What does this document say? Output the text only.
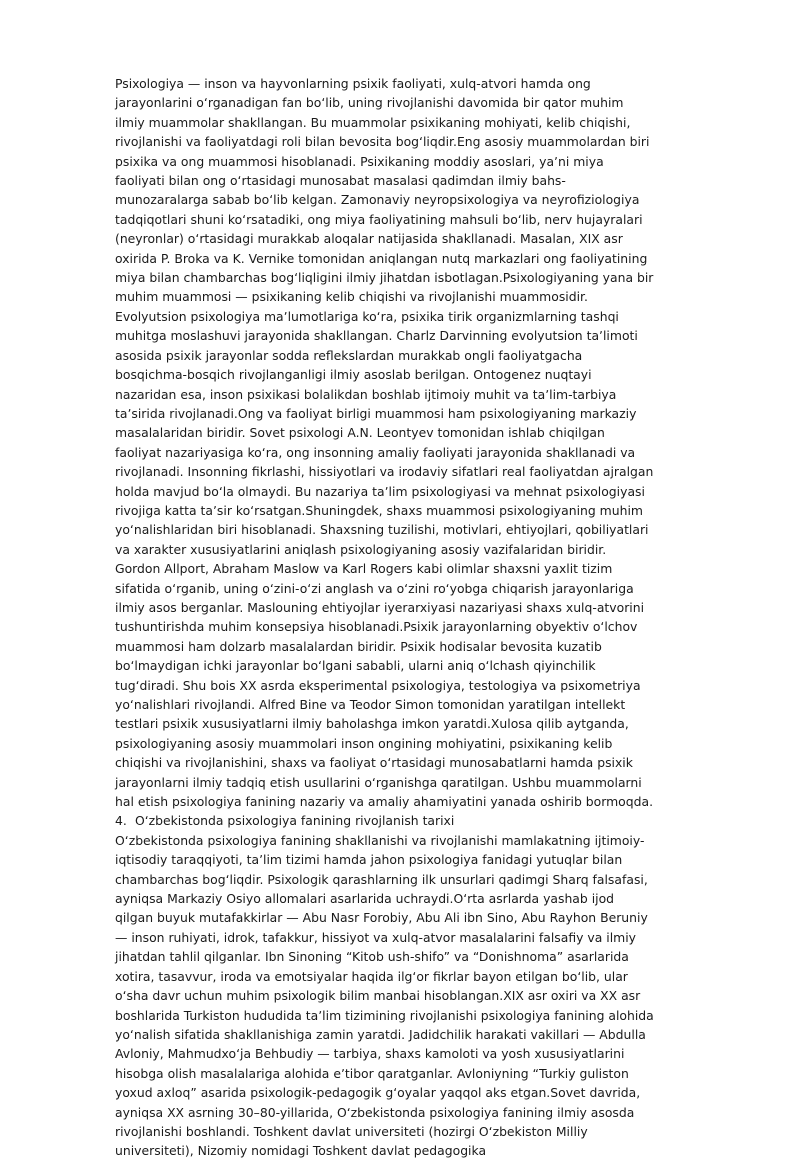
Psixologiya — inson va hayvonlarning psixik faoliyati, xulq-atvori hamda ong jarayonlarini oʻrganadigan fan boʻlib, uning rivojlanishi davomida bir qator muhim ilmiy muammolar shakllangan. Bu muammolar psixikaning mohiyati, kelib chiqishi, rivojlanishi va faoliyatdagi roli bilan bevosita bogʻliqdir.Eng asosiy muammolardan biri psixika va ong muammosi hisoblanadi. Psixikaning moddiy asoslari, yaʼni miya faoliyati bilan ong oʻrtasidagi munosabat masalasi qadimdan ilmiy bahs-munozaralarga sabab boʻlib kelgan. Zamonaviy neyropsixologiya va neyrofiziologiya tadqiqotlari shuni koʻrsatadiki, ong miya faoliyatining mahsuli boʻlib, nerv hujayralari (neyronlar) oʻrtasidagi murakkab aloqalar natijasida shakllanadi. Masalan, XIX asr oxirida P. Broka va K. Vernike tomonidan aniqlangan nutq markazlari ong faoliyatining miya bilan chambarchas bogʻliqligini ilmiy jihatdan isbotlagan.Psixologiyaning yana bir muhim muammosi — psixikaning kelib chiqishi va rivojlanishi muammosidir. Evolyutsion psixologiya maʼlumotlariga koʻra, psixika tirik organizmlarning tashqi muhitga moslashuvi jarayonida shakllangan. Charlz Darvinning evolyutsion taʼlimoti asosida psixik jarayonlar sodda reflekslardan murakkab ongli faoliyatgacha bosqichma-bosqich rivojlanganligi ilmiy asoslab berilgan. Ontogenez nuqtayi nazaridan esa, inson psixikasi bolalikdan boshlab ijtimoiy muhit va taʼlim-tarbiya taʼsirida rivojlanadi.Ong va faoliyat birligi muammosi ham psixologiyaning markaziy masalalaridan biridir. Sovet psixologi A.N. Leontyev tomonidan ishlab chiqilgan faoliyat nazariyasiga koʻra, ong insonning amaliy faoliyati jarayonida shakllanadi va rivojlanadi. Insonning fikrlashi, hissiyotlari va irodaviy sifatlari real faoliyatdan ajralgan holda mavjud boʻla olmaydi. Bu nazariya taʼlim psixologiyasi va mehnat psixologiyasi rivojiga katta taʼsir koʻrsatgan.Shuningdek, shaxs muammosi psixologiyaning muhim yoʻnalishlaridan biri hisoblanadi. Shaxsning tuzilishi, motivlari, ehtiyojlari, qobiliyatlari va xarakter xususiyatlarini aniqlash psixologiyaning asosiy vazifalaridan biridir. Gordon Allport, Abraham Maslow va Karl Rogers kabi olimlar shaxsni yaxlit tizim sifatida oʻrganib, uning oʻzini-oʻzi anglash va oʻzini roʻyobga chiqarish jarayonlariga ilmiy asos berganlar. Maslouning ehtiyojlar iyerarxiyasi nazariyasi shaxs xulq-atvorini tushuntirishda muhim konsepsiya hisoblanadi.Psixik jarayonlarning obyektiv oʻlchov muammosi ham dolzarb masalalardan biridir. Psixik hodisalar bevosita kuzatib boʻlmaydigan ichki jarayonlar boʻlgani sababli, ularni aniq oʻlchash qiyinchilik tugʻdiradi. Shu bois XX asrda eksperimental psixologiya, testologiya va psixometriya yoʻnalishlari rivojlandi. Alfred Bine va Teodor Simon tomonidan yaratilgan intellekt testlari psixik xususiyatlarni ilmiy baholashga imkon yaratdi.Xulosa qilib aytganda, psixologiyaning asosiy muammolari inson ongining mohiyatini, psixikaning kelib chiqishi va rivojlanishini, shaxs va faoliyat oʻrtasidagi munosabatlarni hamda psixik jarayonlarni ilmiy tadqiq etish usullarini oʻrganishga qaratilgan. Ushbu muammolarni hal etish psixologiya fanining nazariy va amaliy ahamiyatini yanada oshirib bormoqda.

4. Oʻzbekistonda psixologiya fanining rivojlanish tarixi

Oʻzbekistonda psixologiya fanining shakllanishi va rivojlanishi mamlakatning ijtimoiy-iqtisodiy taraqqiyoti, taʼlim tizimi hamda jahon psixologiya fanidagi yutuqlar bilan chambarchas bogʻliqdir. Psixologik qarashlarning ilk unsurlari qadimgi Sharq falsafasi, ayniqsa Markaziy Osiyo allomalari asarlarida uchraydi.Oʻrta asrlarda yashab ijod qilgan buyuk mutafakkirlar — Abu Nasr Forobiy, Abu Ali ibn Sino, Abu Rayhon Beruniy — inson ruhiyati, idrok, tafakkur, hissiyot va xulq-atvor masalalarini falsafiy va ilmiy jihatdan tahlil qilganlar. Ibn Sinoning “Kitob ush-shifo” va “Donishnoma” asarlarida xotira, tasavvur, iroda va emotsiyalar haqida ilgʻor fikrlar bayon etilgan boʻlib, ular oʻsha davr uchun muhim psixologik bilim manbai hisoblangan.XIX asr oxiri va XX asr boshlarida Turkiston hududida taʼlim tizimining rivojlanishi psixologiya fanining alohida yoʻnalish sifatida shakllanishiga zamin yaratdi. Jadidchilik harakati vakillari — Abdulla Avloniy, Mahmudxoʻja Behbudiy — tarbiya, shaxs kamoloti va yosh xususiyatlarini hisobga olish masalalariga alohida eʼtibor qaratganlar. Avloniyning “Turkiy guliston yoxud axloq” asarida psixologik-pedagogik gʻoyalar yaqqol aks etgan.Sovet davrida, ayniqsa XX asrning 30–80-yillarida, Oʻzbekistonda psixologiya fanining ilmiy asosda rivojlanishi boshlandi. Toshkent davlat universiteti (hozirgi Oʻzbekiston Milliy universiteti), Nizomiy nomidagi Toshkent davlat pedagogika
